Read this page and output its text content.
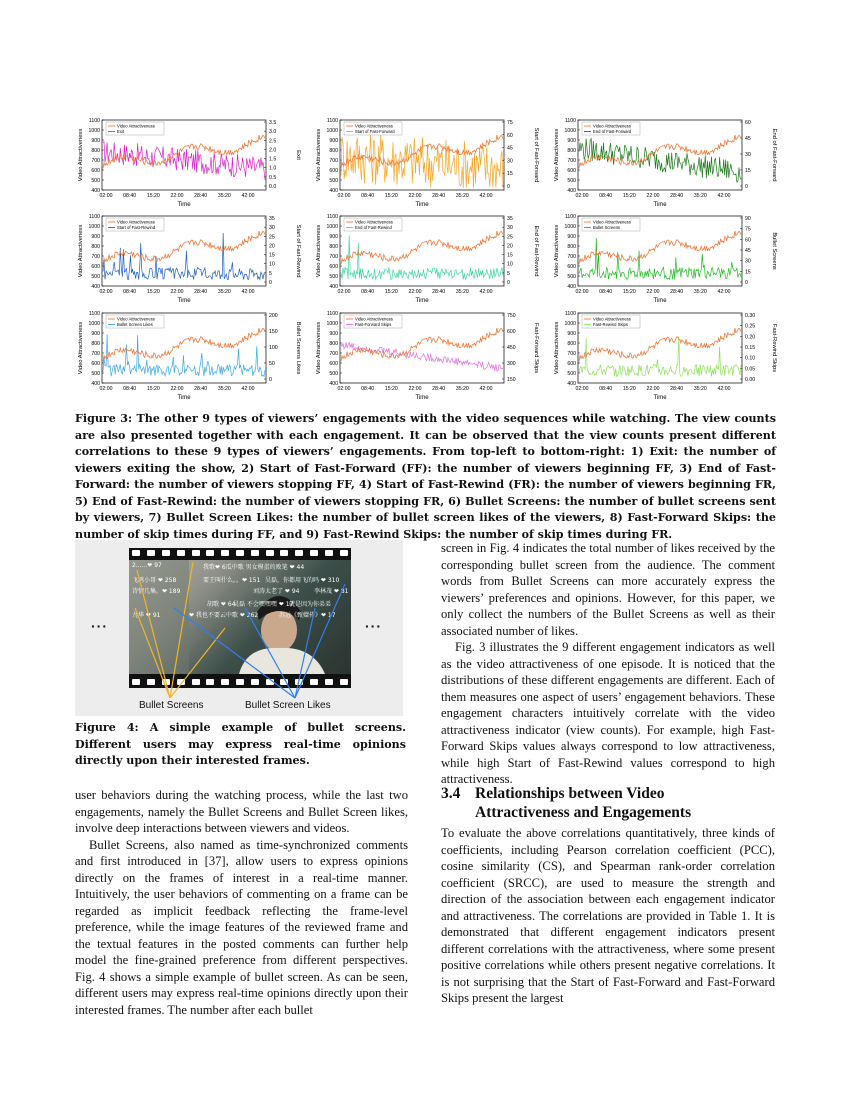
400
500
600
700
800
900
1000
1100
0.0
0.5
1.0
1.5
2.0
2.5
3.0
3.5
02:00 08:40 15:20 22:00 28:40 35:20 42:00
Time
Video Attractiveness	Exit
Video Attractiveness
Exit
400
500
600
700
800
900
1000
1100
0
15
30
45
60
75
02:00 08:40 15:20 22:00 28:40 35:20 42:00
Time
Video Attractiveness	Start of Fast-Forward
Video Attractiveness
Start of Fast-Forward
400
500
600
700
800
900
1000
1100
0
15
30
45
60
02:00 08:40 15:20 22:00 28:40 35:20 42:00
Time
Video Attractiveness	End of Fast-Forward
Video Attractiveness
End of Fast-Forward
400
500
600
700
800
900
1000
1100
0
5
10
15
20
25
30
35
02:00 08:40 15:20 22:00 28:40 35:20 42:00
Time
Video Attractiveness	Start of Fast-Rewind
Video Attractiveness
Start of Fast-Rewind
400
500
600
700
800
900
1000
1100
0
5
10
15
20
25
30
35
02:00 08:40 15:20 22:00 28:40 35:20 42:00
Time
Video Attractiveness	End of Fast-Rewind
Video Attractiveness
End of Fast-Rewind
400
500
600
700
800
900
1000
1100
0
15
30
45
60
75
90
02:00 08:40 15:20 22:00 28:40 35:20 42:00
Time
Video Attractiveness	Bullet Screens
Video Attractiveness
Bullet Screens
400
500
600
700
800
900
1000
1100
0
50
100
150
200
02:00 08:40 15:20 22:00 28:40 35:20 42:00
Time
Video Attractiveness	Bullet Screens Likes
Video Attractiveness
Bullet Screen Likes
400
500
600
700
800
900
1000
1100
150
300
450
600
750
02:00 08:40 15:20 22:00 28:40 35:20 42:00
Time
Video Attractiveness	Fast-Forward Skips
Video Attractiveness
Fast-Forward Skips
400
500
600
700
800
900
1000
1100
0.00
0.05
0.10
0.15
0.20
0.25
0.30
02:00 08:40 15:20 22:00 28:40 35:20 42:00
Time
Video Attractiveness	Fast-Rewind Skips
Video Attractiveness
Fast-Rewind Skips

Figure 3: The other 9 types of viewers’ engagements with the video sequences while watching. The view counts are also presented together with each engagement. It can be observed that the view counts present different correlations to these 9 types of viewers’ engagements. From top-left to bottom-right: 1) Exit: the number of viewers exiting the show, 2) Start of Fast-Forward (FF): the number of viewers beginning FF, 3) End of Fast-Forward: the number of viewers stopping FF, 4) Start of Fast-Rewind (FR): the number of viewers beginning FR, 5) End of Fast-Rewind: the number of viewers stopping FR, 6) Bullet Screens: the number of bullet screens sent by viewers, 7) Bullet Screen Likes: the number of bullet screen likes of the viewers, 8) Fast-Forward Skips: the number of skip times during FF, and 9) Fast-Rewind Skips: the number of skip times during FR.

···	···
2......❤ 97	我歌❤ 6瓜中歌 男女模蛋的败笔 ❤ 44
飞鸿小哥 ❤ 258	要王叫什么。。❤ 151 吴磊，你都用飞的吗 ❤ 310
诗情几集。❤ 189	刘涛太老了 ❤ 94 李林茂 ❤ 81
胡歌 ❤ 64
吴磊 不会嘿嘿嘿 ❤ 17
就是因为你弟弟
九华 ❤ 91	❤ 我也不要云中歌 ❤ 262	苏远《甄嬛传》❤ 17
Bullet Screens	Bullet Screen Likes

Figure 4: A simple example of bullet screens. Different users may express real-time opinions directly upon their interested frames.

user behaviors during the watching process, while the last two engagements, namely the Bullet Screens and Bullet Screen likes, involve deep interactions between viewers and videos.

Bullet Screens, also named as time-synchronized comments and first introduced in [37], allow users to express opinions directly on the frames of interest in a real-time manner. Intuitively, the user behaviors of commenting on a frame can be regarded as implicit feedback reflecting the frame-level preference, while the image features of the reviewed frame and the textual features in the posted comments can further help model the fine-grained preference from different perspectives. Fig. 4 shows a simple example of bullet screen. As can be seen, different users may express real-time opinions directly upon their interested frames. The number after each bullet

screen in Fig. 4 indicates the total number of likes received by the corresponding bullet screen from the audience. The comment words from Bullet Screens can more accurately express the viewers’ preferences and opinions. However, for this paper, we only collect the numbers of the Bullet Screens as well as their associated number of likes.

Fig. 3 illustrates the 9 different engagement indicators as well as the video attractiveness of one episode. It is noticed that the distributions of these different engagements are different. Each of them measures one aspect of users’ engagement behaviors. These engagement characters intuitively correlate with the video attractiveness indicator (view counts). For example, high Fast-Forward Skips values always correspond to low attractiveness, while high Start of Fast-Rewind values correspond to high attractiveness.

3.4 Relationships between Video
Attractiveness and Engagements

To evaluate the above correlations quantitatively, three kinds of coefficients, including Pearson correlation coefficient (PCC), cosine similarity (CS), and Spearman rank-order correlation coefficient (SRCC), are used to measure the strength and direction of the association between each engagement indicator and attractiveness. The correlations are provided in Table 1. It is demonstrated that different engagement indicators present different correlations with the attractiveness, where some present positive correlations while others present negative correlations. It is not surprising that the Start of Fast-Forward and Fast-Forward Skips present the largest
